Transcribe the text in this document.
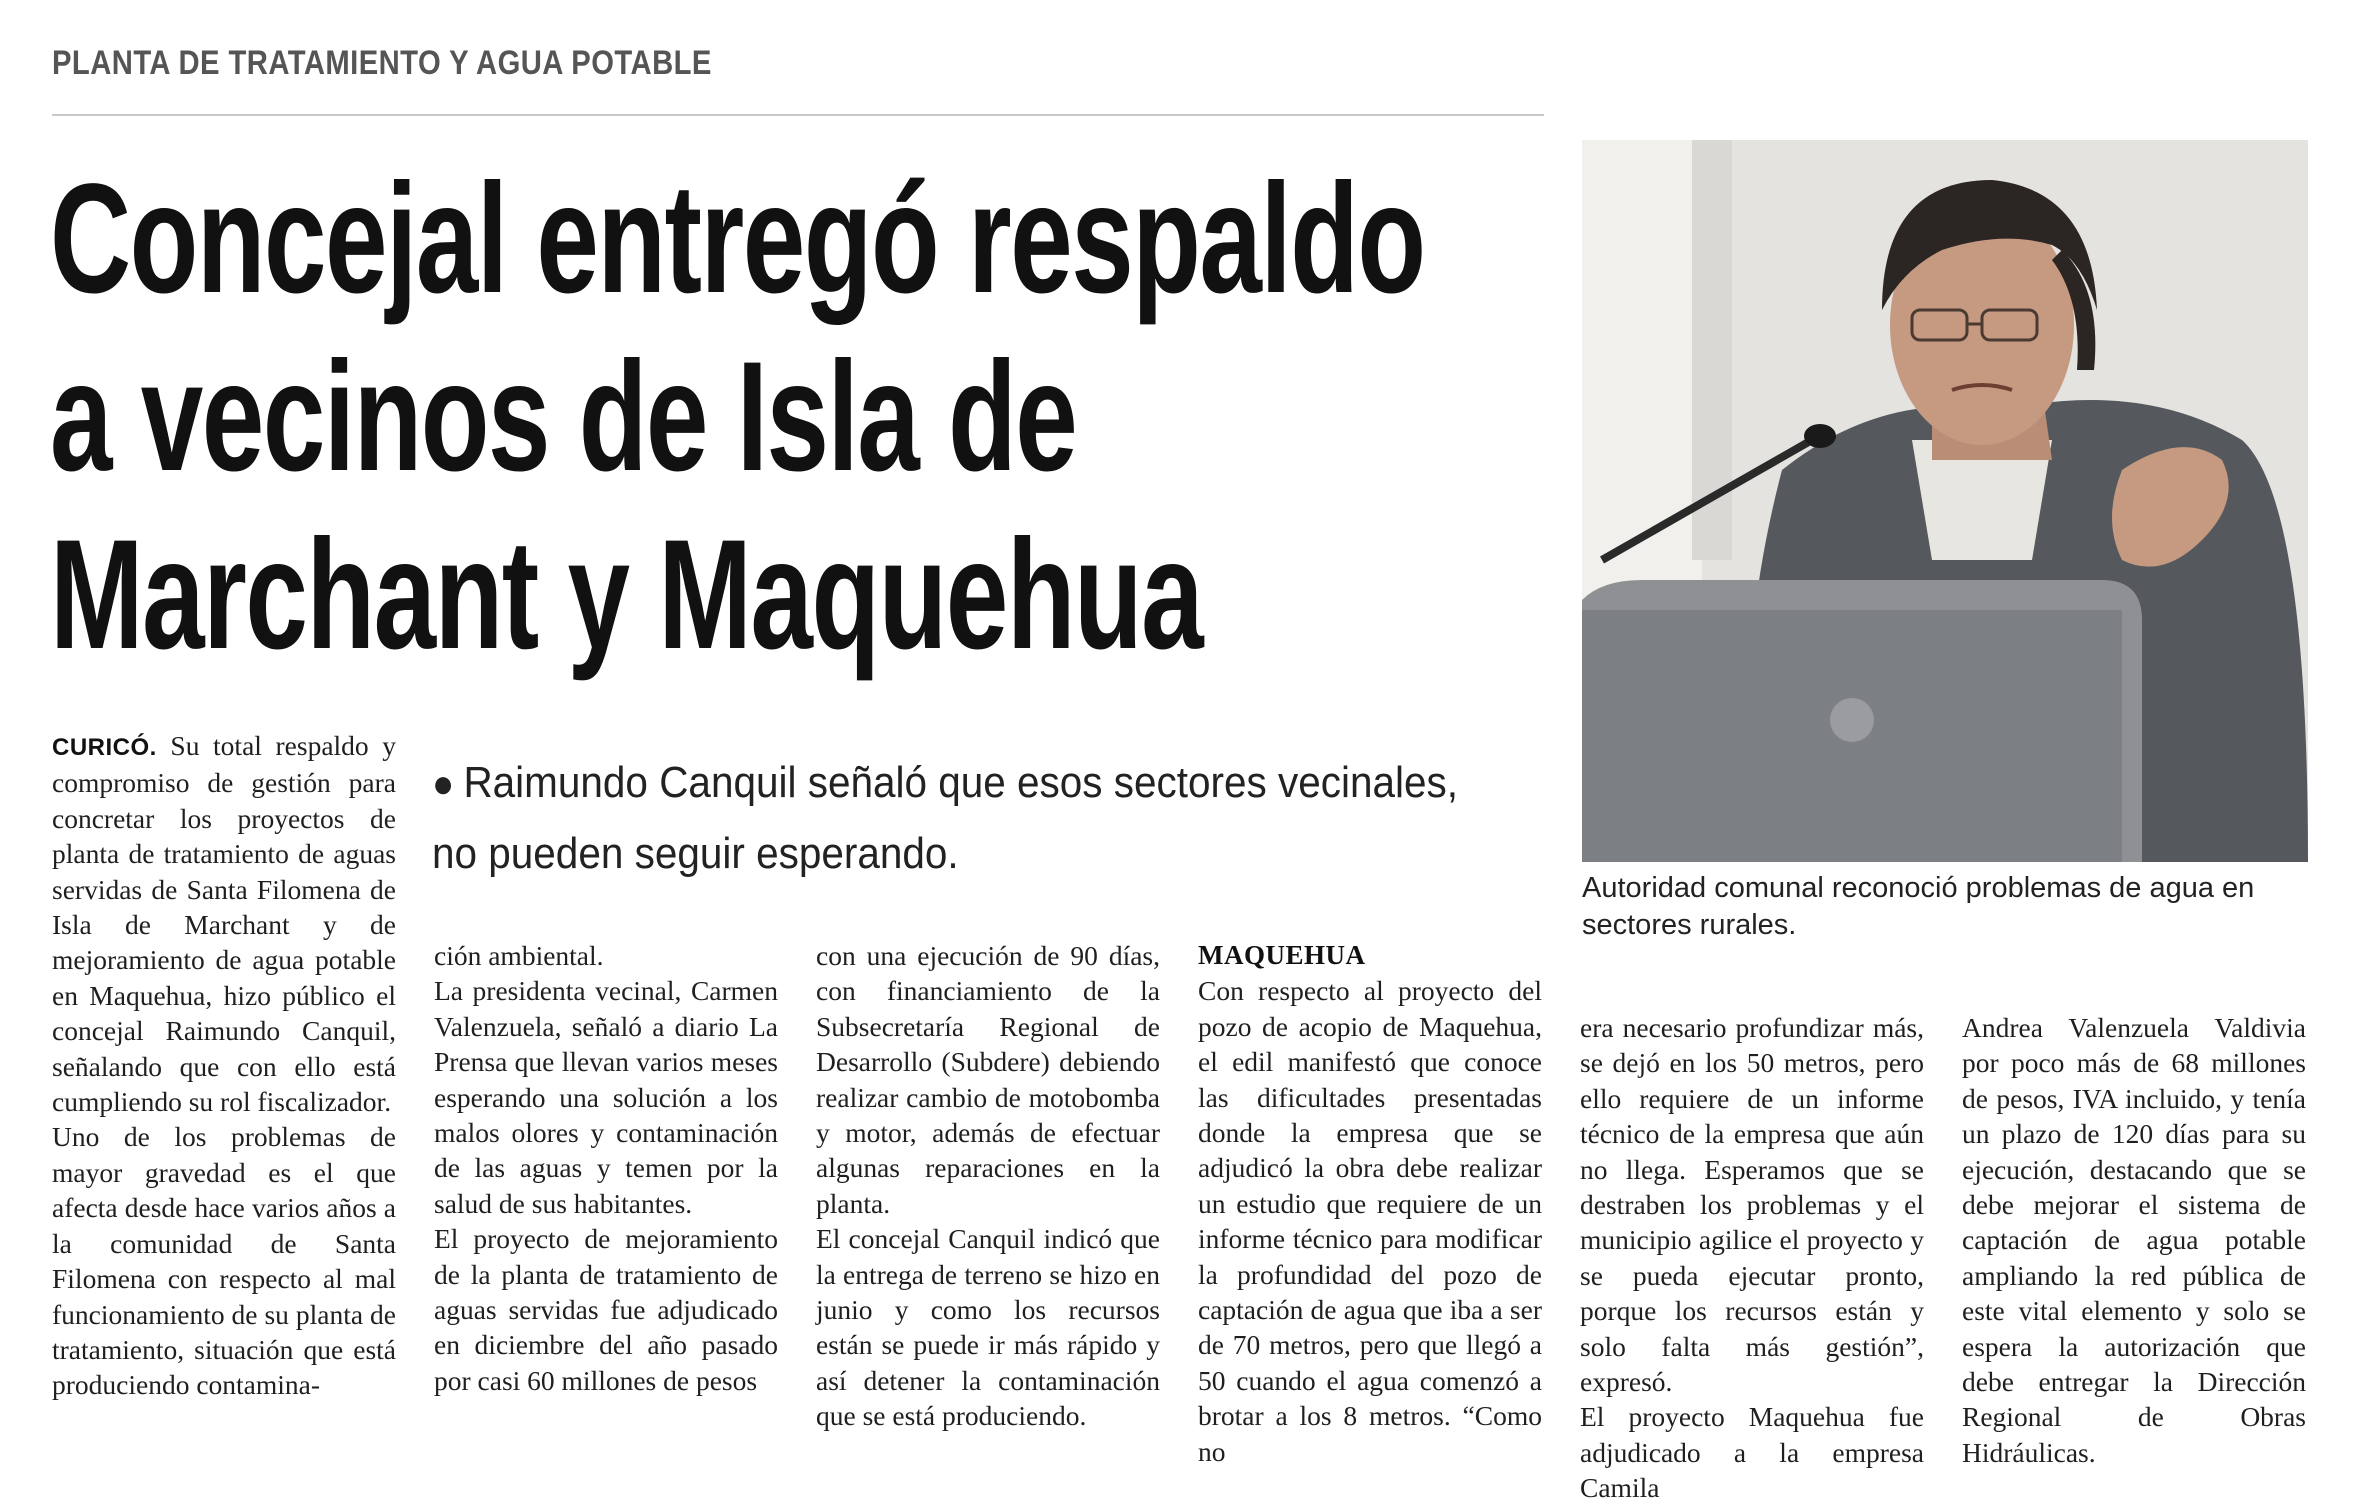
PLANTA DE TRATAMIENTO Y AGUA POTABLE
Concejal entregó respaldo
a vecinos de Isla de
Marchant y Maquehua
Autoridad comunal reconoció problemas de agua en
sectores rurales.
● Raimundo Canquil señaló que esos sectores vecinales,
no pueden seguir esperando.

CURICÓ. Su total respaldo y compromiso de gestión para concretar los proyectos de planta de tratamiento de aguas servidas de Santa Filomena de Isla de Marchant y de mejoramiento de agua potable en Maquehua, hizo público el concejal Raimundo Canquil, señalando que con ello está cumpliendo su rol fiscalizador.

Uno de los problemas de mayor gravedad es el que afecta desde hace varios años a la comunidad de Santa Filomena con respecto al mal funcionamiento de su planta de tratamiento, situación que está produciendo contamina-

ción ambiental.

La presidenta vecinal, Carmen Valenzuela, señaló a diario La Prensa que llevan varios meses esperando una solución a los malos olores y contaminación de las aguas y temen por la salud de sus habitantes.

El proyecto de mejoramiento de la planta de tratamiento de aguas servidas fue adjudicado en diciembre del año pasado por casi 60 millones de pesos

con una ejecución de 90 días, con financiamiento de la Subsecretaría Regional de Desarrollo (Subdere) debiendo realizar cambio de motobomba y motor, además de efectuar algunas reparaciones en la planta.

El concejal Canquil indicó que la entrega de terreno se hizo en junio y como los recursos están se puede ir más rápido y así detener la contaminación que se está produciendo.

MAQUEHUA

Con respecto al proyecto del pozo de acopio de Maquehua, el edil manifestó que conoce las dificultades presentadas donde la empresa que se adjudicó la obra debe realizar un estudio que requiere de un informe técnico para modificar la profundidad del pozo de captación de agua que iba a ser de 70 metros, pero que llegó a 50 cuando el agua comenzó a brotar a los 8 metros. “Como no

era necesario profundizar más, se dejó en los 50 metros, pero ello requiere de un informe técnico de la empresa que aún no llega. Esperamos que se destraben los problemas y el municipio agilice el proyecto y se pueda ejecutar pronto, porque los recursos están y solo falta más gestión”, expresó.

El proyecto Maquehua fue adjudicado a la empresa Camila

Andrea Valenzuela Valdivia por poco más de 68 millones de pesos, IVA incluido, y tenía un plazo de 120 días para su ejecución, destacando que se debe mejorar el sistema de captación de agua potable ampliando la red pública de este vital elemento y solo se espera la autorización que debe entregar la Dirección Regional de Obras Hidráulicas.
